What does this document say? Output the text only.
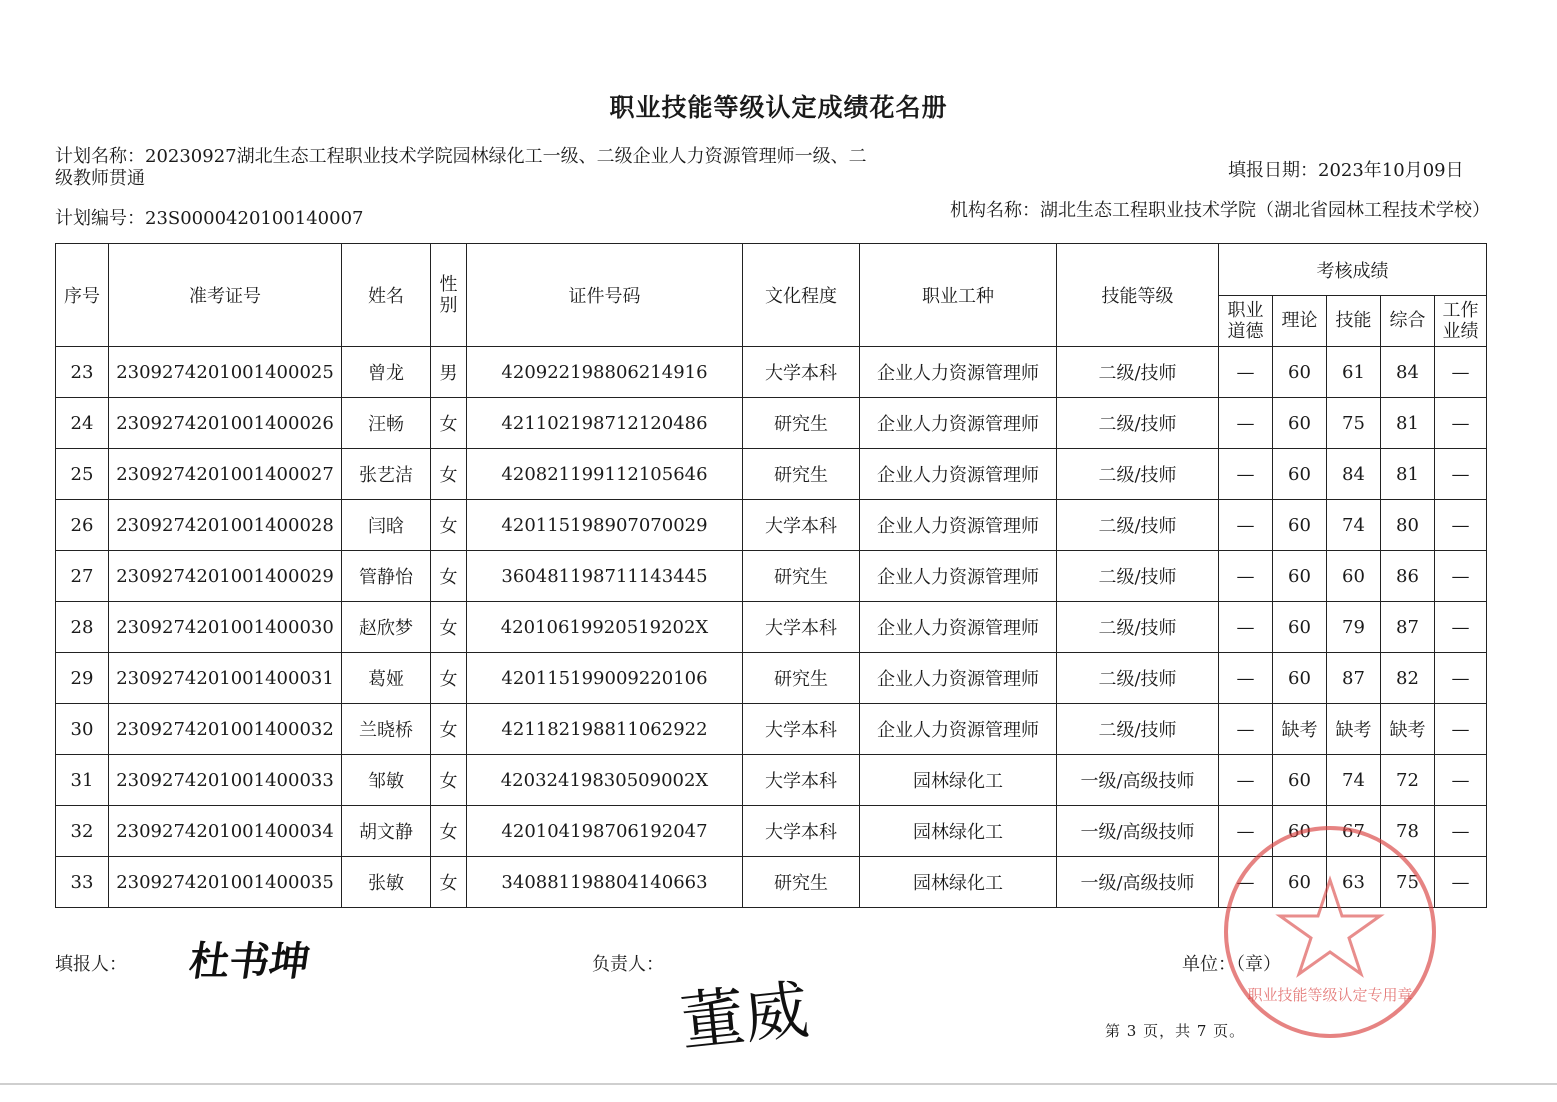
职业技能等级认定成绩花名册
计划名称：20230927湖北生态工程职业技术学院园林绿化工一级、二级企业人力资源管理师一级、二级教师贯通
计划编号：23S0000420100140007
填报日期：2023年10月09日
机构名称：湖北生态工程职业技术学院（湖北省园林工程技术学校）
序号	准考证号	姓名	性别	证件号码	文化程度	职业工种	技能等级	考核成绩				
								职业道德	理论	技能	综合	工作业绩
23	2309274201001400025	曾龙	男	420922198806214916	大学本科	企业人力资源管理师	二级/技师	—	60	61	84	—
24	2309274201001400026	汪畅	女	421102198712120486	研究生	企业人力资源管理师	二级/技师	—	60	75	81	—
25	2309274201001400027	张艺洁	女	420821199112105646	研究生	企业人力资源管理师	二级/技师	—	60	84	81	—
26	2309274201001400028	闫晗	女	420115198907070029	大学本科	企业人力资源管理师	二级/技师	—	60	74	80	—
27	2309274201001400029	管静怡	女	360481198711143445	研究生	企业人力资源管理师	二级/技师	—	60	60	86	—
28	2309274201001400030	赵欣梦	女	42010619920519202X	大学本科	企业人力资源管理师	二级/技师	—	60	79	87	—
29	2309274201001400031	葛娅	女	420115199009220106	研究生	企业人力资源管理师	二级/技师	—	60	87	82	—
30	2309274201001400032	兰晓桥	女	421182198811062922	大学本科	企业人力资源管理师	二级/技师	—	缺考	缺考	缺考	—
31	2309274201001400033	邹敏	女	42032419830509002X	大学本科	园林绿化工	一级/高级技师	—	60	74	72	—
32	2309274201001400034	胡文静	女	420104198706192047	大学本科	园林绿化工	一级/高级技师	—	60	67	78	—
33	2309274201001400035	张敏	女	340881198804140663	研究生	园林绿化工	一级/高级技师	—	60	63	75	—
填报人： 杜书坤	负责人：
董威
单位：（章）
第 3 页，共 7 页。
职业技能等级认定专用章
